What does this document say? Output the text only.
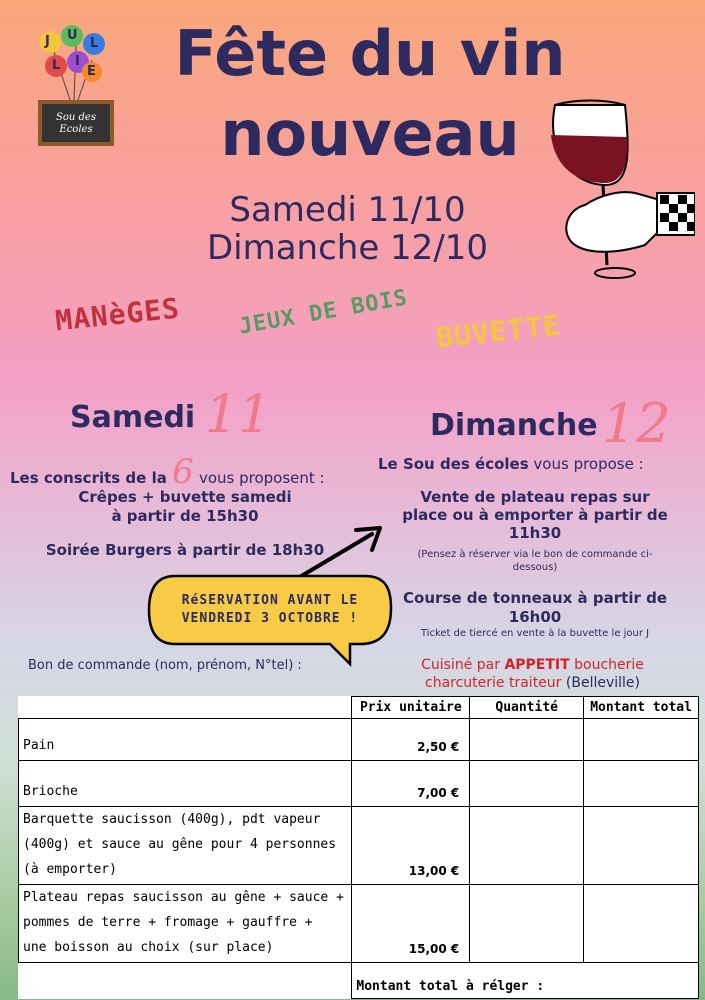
J U
L
L I
E
Sou des Ecoles
Fête du vin
nouveau
Samedi 11/10
Dimanche 12/10
MANèGES	JEUX DE BOIS BUVETTE
Samedi 11	Dimanche 12
Les conscrits de la 6 vous proposent :
Le Sou des écoles vous propose :
Crêpes + buvette samedi
à partir de 15h30
Soirée Burgers à partir de 18h30
Vente de plateau repas sur
place ou à emporter à partir de
11h30
(Pensez à réserver via le bon de commande ci-
dessous)
Course de tonneaux à partir de
16h00
Ticket de tiercé en vente à la buvette le jour J
RéSERVATION AVANT LE
VENDREDI 3 OCTOBRE !
Bon de commande (nom, prénom, N°tel) :	Cuisiné par APPETIT boucherie
charcuterie traiteur (Belleville)
	Prix unitaire	Quantité	Montant total

Pain	2,50 €		

Brioche	7,00 €		

Barquette saucisson (400g), pdt vapeur
(400g) et sauce au gêne pour 4 personnes
(à emporter)	13,00 €		

Plateau repas saucisson au gêne + sauce +
pommes de terre + fromage + gauffre +
une boisson au choix (sur place)	15,00 €		
	Montant total à rélger :		
BOîTE AUX LETTRES "ASSOCIATIONS" OU PAR
MAIL SOU.JULLIE@HOTMAIL.FR
